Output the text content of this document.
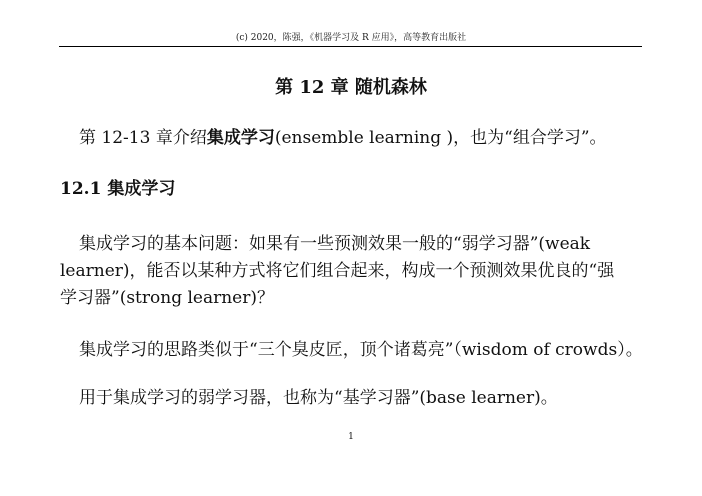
(c) 2020，陈强，《机器学习及 R 应用》，高等教育出版社
第 12 章 随机森林

第 12-13 章介绍集成学习(ensemble learning )，也为“组合学习”。

12.1 集成学习
集成学习的基本问题：如果有一些预测效果一般的“弱学习器”(weak
learner)，能否以某种方式将它们组合起来，构成一个预测效果优良的“强
学习器”(strong learner)？

集成学习的思路类似于“三个臭皮匠，顶个诸葛亮”（wisdom of crowds）。

用于集成学习的弱学习器，也称为“基学习器”(base learner)。

1
